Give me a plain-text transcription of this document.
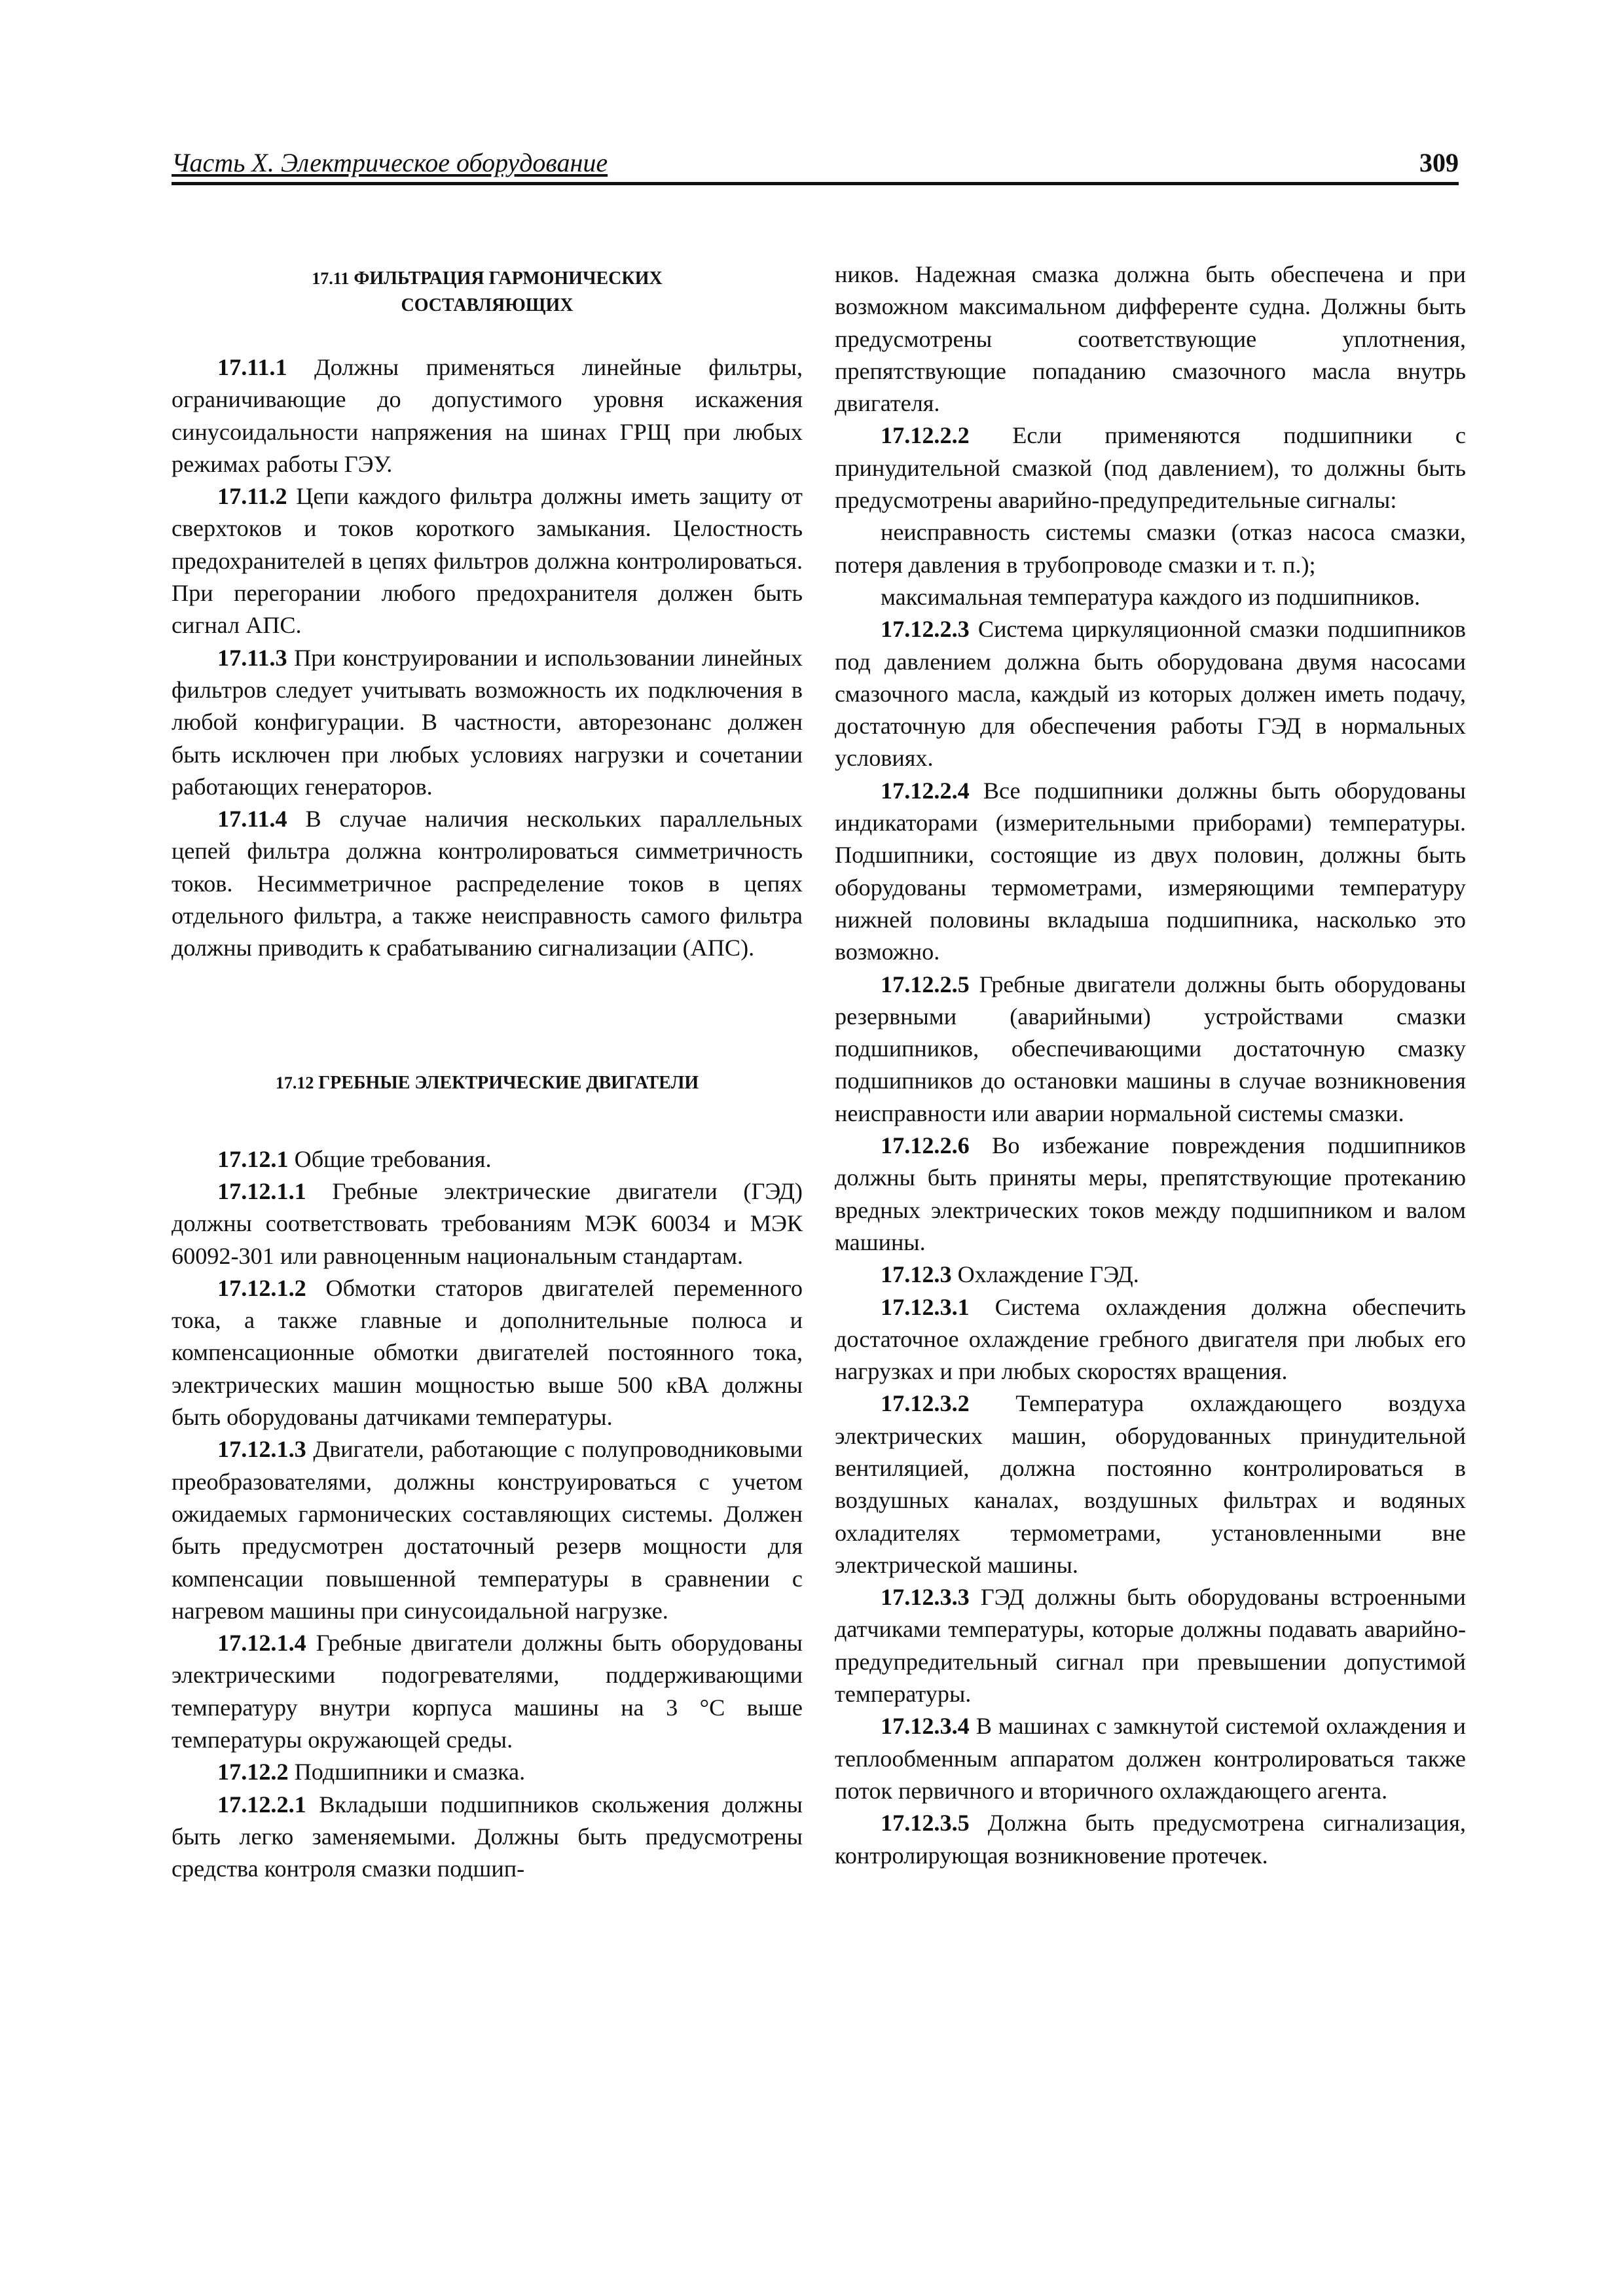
Часть X. Электрическое оборудование	309
17.11 ФИЛЬТРАЦИЯ ГАРМОНИЧЕСКИХ
СОСТАВЛЯЮЩИХ

17.11.1 Должны применяться линейные фильтры, ограничивающие до допустимого уровня искажения синусоидальности напряжения на шинах ГРЩ при любых режимах работы ГЭУ.

17.11.2 Цепи каждого фильтра должны иметь защиту от сверхтоков и токов короткого замыкания. Целостность предохранителей в цепях фильтров должна контролироваться. При перегорании любого предохранителя должен быть сигнал АПС.

17.11.3 При конструировании и использовании линейных фильтров следует учитывать возможность их подключения в любой конфигурации. В частности, авторезонанс должен быть исключен при любых условиях нагрузки и сочетании работающих генераторов.

17.11.4 В случае наличия нескольких параллельных цепей фильтра должна контролироваться симметричность токов. Несимметричное распределение токов в цепях отдельного фильтра, а также неисправность самого фильтра должны приводить к срабатыванию сигнализации (АПС).

17.12 ГРЕБНЫЕ ЭЛЕКТРИЧЕСКИЕ ДВИГАТЕЛИ

17.12.1 Общие требования.

17.12.1.1 Гребные электрические двигатели (ГЭД) должны соответствовать требованиям МЭК 60034 и МЭК 60092-301 или равноценным национальным стандартам.

17.12.1.2 Обмотки статоров двигателей переменного тока, а также главные и дополнительные полюса и компенсационные обмотки двигателей постоянного тока, электрических машин мощностью выше 500 кВА должны быть оборудованы датчиками температуры.

17.12.1.3 Двигатели, работающие с полупроводниковыми преобразователями, должны конструироваться с учетом ожидаемых гармонических составляющих системы. Должен быть предусмотрен достаточный резерв мощности для компенсации повышенной температуры в сравнении с нагревом машины при синусоидальной нагрузке.

17.12.1.4 Гребные двигатели должны быть оборудованы электрическими подогревателями, поддерживающими температуру внутри корпуса машины на 3 °С выше температуры окружающей среды.

17.12.2 Подшипники и смазка.

17.12.2.1 Вкладыши подшипников скольжения должны быть легко заменяемыми. Должны быть предусмотрены средства контроля смазки подшип-

ников. Надежная смазка должна быть обеспечена и при возможном максимальном дифференте судна. Должны быть предусмотрены соответствующие уплотнения, препятствующие попаданию смазочного масла внутрь двигателя.

17.12.2.2 Если применяются подшипники с принудительной смазкой (под давлением), то должны быть предусмотрены аварийно-предупредительные сигналы:

неисправность системы смазки (отказ насоса смазки, потеря давления в трубопроводе смазки и т. п.);

максимальная температура каждого из подшипников.

17.12.2.3 Система циркуляционной смазки подшипников под давлением должна быть оборудована двумя насосами смазочного масла, каждый из которых должен иметь подачу, достаточную для обеспечения работы ГЭД в нормальных условиях.

17.12.2.4 Все подшипники должны быть оборудованы индикаторами (измерительными приборами) температуры. Подшипники, состоящие из двух половин, должны быть оборудованы термометрами, измеряющими температуру нижней половины вкладыша подшипника, насколько это возможно.

17.12.2.5 Гребные двигатели должны быть оборудованы резервными (аварийными) устройствами смазки подшипников, обеспечивающими достаточную смазку подшипников до остановки машины в случае возникновения неисправности или аварии нормальной системы смазки.

17.12.2.6 Во избежание повреждения подшипников должны быть приняты меры, препятствующие протеканию вредных электрических токов между подшипником и валом машины.

17.12.3 Охлаждение ГЭД.

17.12.3.1 Система охлаждения должна обеспечить достаточное охлаждение гребного двигателя при любых его нагрузках и при любых скоростях вращения.

17.12.3.2 Температура охлаждающего воздуха электрических машин, оборудованных принудительной вентиляцией, должна постоянно контролироваться в воздушных каналах, воздушных фильтрах и водяных охладителях термометрами, установленными вне электрической машины.

17.12.3.3 ГЭД должны быть оборудованы встроенными датчиками температуры, которые должны подавать аварийно-предупредительный сигнал при превышении допустимой температуры.

17.12.3.4 В машинах с замкнутой системой охлаждения и теплообменным аппаратом должен контролироваться также поток первичного и вторичного охлаждающего агента.

17.12.3.5 Должна быть предусмотрена сигнализация, контролирующая возникновение протечек.
